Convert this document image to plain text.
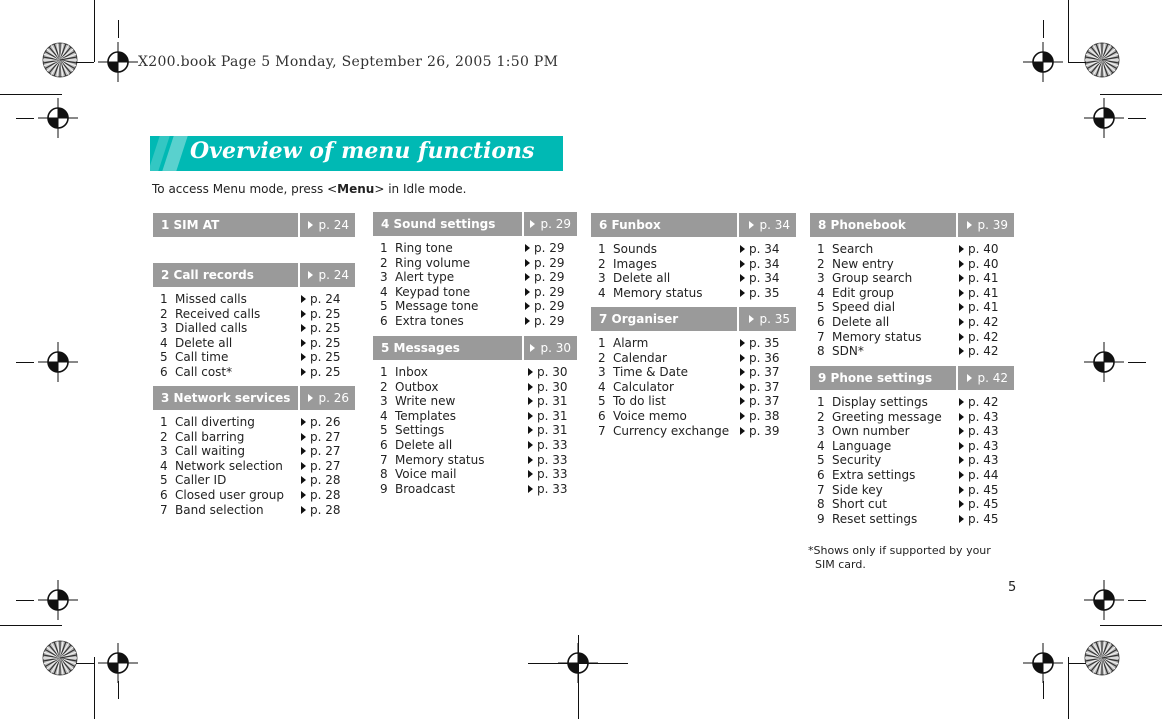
X200.book Page 5 Monday, September 26, 2005 1:50 PM
Overview of menu functions
To access Menu mode, press <Menu> in Idle mode.
1 SIM AT	p. 24
2 Call records	p. 24
1 Missed calls	p. 24
2 Received calls	p. 25
3 Dialled calls	p. 25
4 Delete all	p. 25
5 Call time	p. 25
6 Call cost*	p. 25
3 Network services	p. 26
1 Call diverting	p. 26
2 Call barring	p. 27
3 Call waiting	p. 27
4 Network selection	p. 27
5 Caller ID	p. 28
6 Closed user group	p. 28
7 Band selection	p. 28
4 Sound settings	p. 29
1 Ring tone	p. 29
2 Ring volume	p. 29
3 Alert type	p. 29
4 Keypad tone	p. 29
5 Message tone	p. 29
6 Extra tones	p. 29
5 Messages	p. 30
1 Inbox	p. 30
2 Outbox	p. 30
3 Write new	p. 31
4 Templates	p. 31
5 Settings	p. 31
6 Delete all	p. 33
7 Memory status	p. 33
8 Voice mail	p. 33
9 Broadcast	p. 33
6 Funbox	p. 34
1 Sounds	p. 34
2 Images	p. 34
3 Delete all	p. 34
4 Memory status	p. 35
7 Organiser	p. 35
1 Alarm	p. 35
2 Calendar	p. 36
3 Time & Date	p. 37
4 Calculator	p. 37
5 To do list	p. 37
6 Voice memo	p. 38
7 Currency exchange	p. 39
8 Phonebook	p. 39
1 Search	p. 40
2 New entry	p. 40
3 Group search	p. 41
4 Edit group	p. 41
5 Speed dial	p. 41
6 Delete all	p. 42
7 Memory status	p. 42
8 SDN*	p. 42
9 Phone settings	p. 42
1 Display settings	p. 42
2 Greeting message	p. 43
3 Own number	p. 43
4 Language	p. 43
5 Security	p. 43
6 Extra settings	p. 44
7 Side key	p. 45
8 Short cut	p. 45
9 Reset settings	p. 45
*Shows only if supported by your
SIM card.
5
